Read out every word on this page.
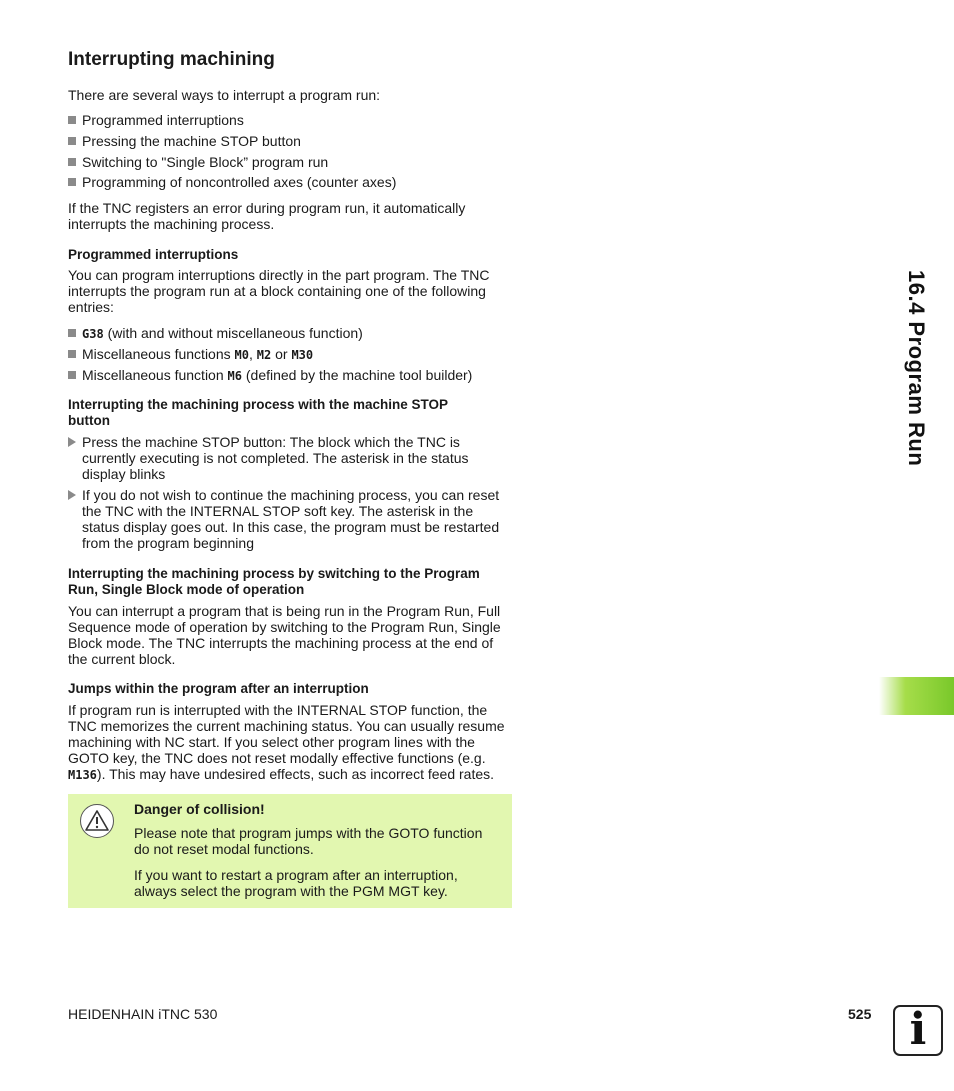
Interrupting machining

There are several ways to interrupt a program run:

Programmed interruptions
Pressing the machine STOP button
Switching to "Single Block” program run
Programming of noncontrolled axes (counter axes)

If the TNC registers an error during program run, it automatically
interrupts the machining process.

Programmed interruptions

You can program interruptions directly in the part program. The TNC
interrupts the program run at a block containing one of the following
entries:

G38 (with and without miscellaneous function)
Miscellaneous functions M0, M2 or M30
Miscellaneous function M6 (defined by the machine tool builder)

Interrupting the machining process with the machine STOP
button

Press the machine STOP button: The block which the TNC is
currently executing is not completed. The asterisk in the status
display blinks
If you do not wish to continue the machining process, you can reset
the TNC with the INTERNAL STOP soft key. The asterisk in the
status display goes out. In this case, the program must be restarted
from the program beginning

Interrupting the machining process by switching to the Program
Run, Single Block mode of operation

You can interrupt a program that is being run in the Program Run, Full
Sequence mode of operation by switching to the Program Run, Single
Block mode. The TNC interrupts the machining process at the end of
the current block.

Jumps within the program after an interruption

If program run is interrupted with the INTERNAL STOP function, the
TNC memorizes the current machining status. You can usually resume
machining with NC start. If you select other program lines with the
GOTO key, the TNC does not reset modally effective functions (e.g.
M136). This may have undesired effects, such as incorrect feed rates.

Danger of collision!
Please note that program jumps with the GOTO function
do not reset modal functions.
If you want to restart a program after an interruption,
always select the program with the PGM MGT key.
16.4 Program Run
HEIDENHAIN iTNC 530	525 i
